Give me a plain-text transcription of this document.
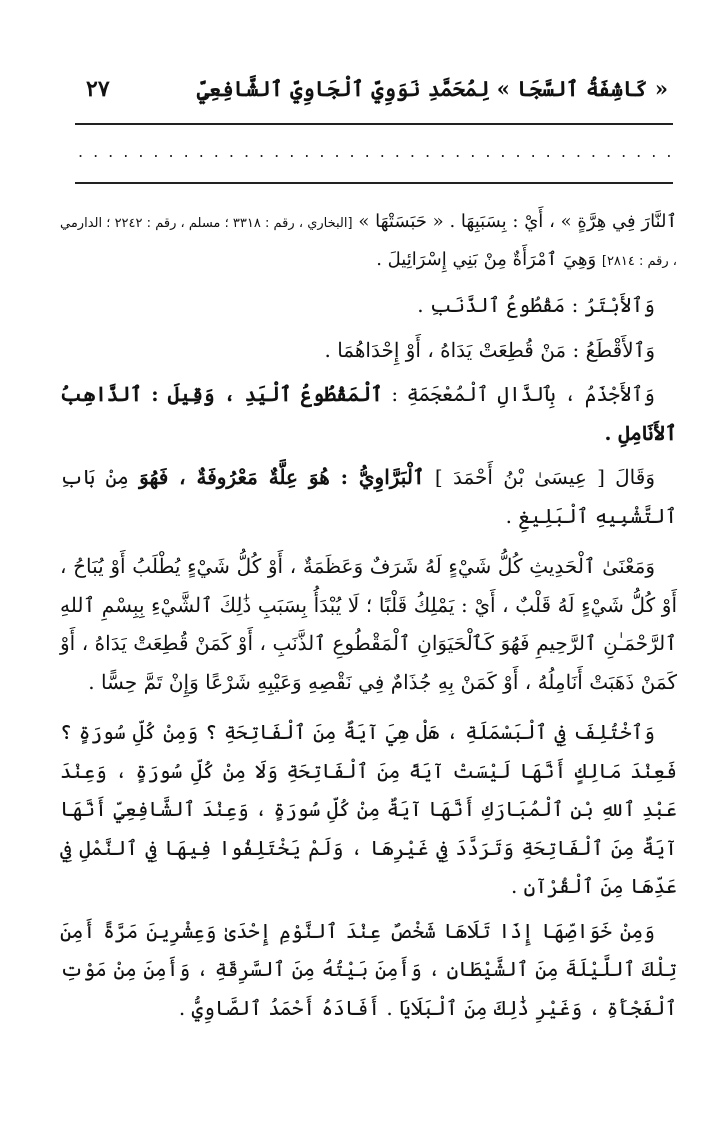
٢٧	« كَاشِفَةُ ٱلسَّجَا » لِمُحَمَّدِ نَوَوِيِّ ٱلْجَاوِيِّ ٱلشَّافِعِيِّ
........................................

ٱلنَّارَ فِي هِرَّةٍ » ، أَيْ : بِسَبَبِهَا . « حَبَسَتْهَا » [البخاري ، رقم : ٣٣١٨ ؛ مسلم ، رقم : ٢٢٤٢ ؛ الدارمي ، رقم : ٢٨١٤] وَهِيَ ٱمْرَأَةٌ مِنْ بَنِي إِسْرَائِيلَ .

وَٱلأَبْتَرُ : مَقْطُوعُ ٱلذَّنَبِ .

وَٱلأَقْطَعُ : مَنْ قُطِعَتْ يَدَاهُ ، أَوْ إِحْدَاهُمَا .

وَٱلأَجْذَمُ ، بِٱلذَّالِ ٱلْمُعْجَمَةِ : ٱلْمَقْطُوعُ ٱلْيَدِ ، وَقِيلَ : ٱلذَّاهِبُ ٱلأَنَامِلِ .

وَقَالَ [ عِيسَىٰ بْنُ أَحْمَدَ ] ٱلْبَرَّاوِيُّ : هُوَ عِلَّةٌ مَعْرُوفَةٌ ، فَهُوَ مِنْ بَابِ ٱلتَّشْبِيهِ ٱلْبَلِيغِ .

وَمَعْنَىٰ ٱلْحَدِيثِ كُلُّ شَيْءٍ لَهُ شَرَفٌ وَعَظَمَةٌ ، أَوْ كُلُّ شَيْءٍ يُطْلَبُ أَوْ يُبَاحُ ، أَوْ كُلُّ شَيْءٍ لَهُ قَلْبٌ ، أَيْ : يَمْلِكُ قَلْبًا ؛ لَا يُبْدَأُ بِسَبَبِ ذَٰلِكَ ٱلشَّيْءِ بِبِسْمِ ٱللهِ ٱلرَّحْمَـٰنِ ٱلرَّحِيمِ فَهُوَ كَٱلْحَيَوَانِ ٱلْمَقْطُوعِ ٱلذَّنَبِ ، أَوْ كَمَنْ قُطِعَتْ يَدَاهُ ، أَوْ كَمَنْ ذَهَبَتْ أَنَامِلُهُ ، أَوْ كَمَنْ بِهِ جُذَامٌ فِي نَقْصِهِ وَعَيْبِهِ شَرْعًا وَإِنْ تَمَّ حِسًّا .

وَٱخْتُلِفَ فِي ٱلْبَسْمَلَةِ ، هَلْ هِيَ آيَةٌ مِنَ ٱلْفَاتِحَةِ ؟ وَمِنْ كُلِّ سُورَةٍ ؟ فَعِنْدَ مَالِكٍ أَنَّهَا لَيْسَتْ آيَةً مِنَ ٱلْفَاتِحَةِ وَلَا مِنْ كُلِّ سُورَةٍ ، وَعِنْدَ عَبْدِ ٱللهِ بْنِ ٱلْمُبَارَكِ أَنَّهَا آيَةٌ مِنْ كُلِّ سُورَةٍ ، وَعِنْدَ ٱلشَّافِعِيِّ أَنَّهَا آيَةٌ مِنَ ٱلْفَاتِحَةِ وَتَرَدَّدَ فِي غَيْرِهَا ، وَلَمْ يَخْتَلِفُوا فِيهَا فِي ٱلنَّمْلِ فِي عَدِّهَا مِنَ ٱلْقُرْآنِ .

وَمِنْ خَوَاصِّهَا إِذَا تَلَاهَا شَخْصٌ عِنْدَ ٱلنَّوْمِ إِحْدَىٰ وَعِشْرِينَ مَرَّةً أَمِنَ تِلْكَ ٱللَّيْلَةَ مِنَ ٱلشَّيْطَانِ ، وَأَمِنَ بَيْتُهُ مِنَ ٱلسَّرِقَةِ ، وَأَمِنَ مِنْ مَوْتِ ٱلْفَجْأَةِ ، وَغَيْرِ ذَٰلِكَ مِنَ ٱلْبَلَايَا . أَفَادَهُ أَحْمَدُ ٱلصَّاوِيُّ .
